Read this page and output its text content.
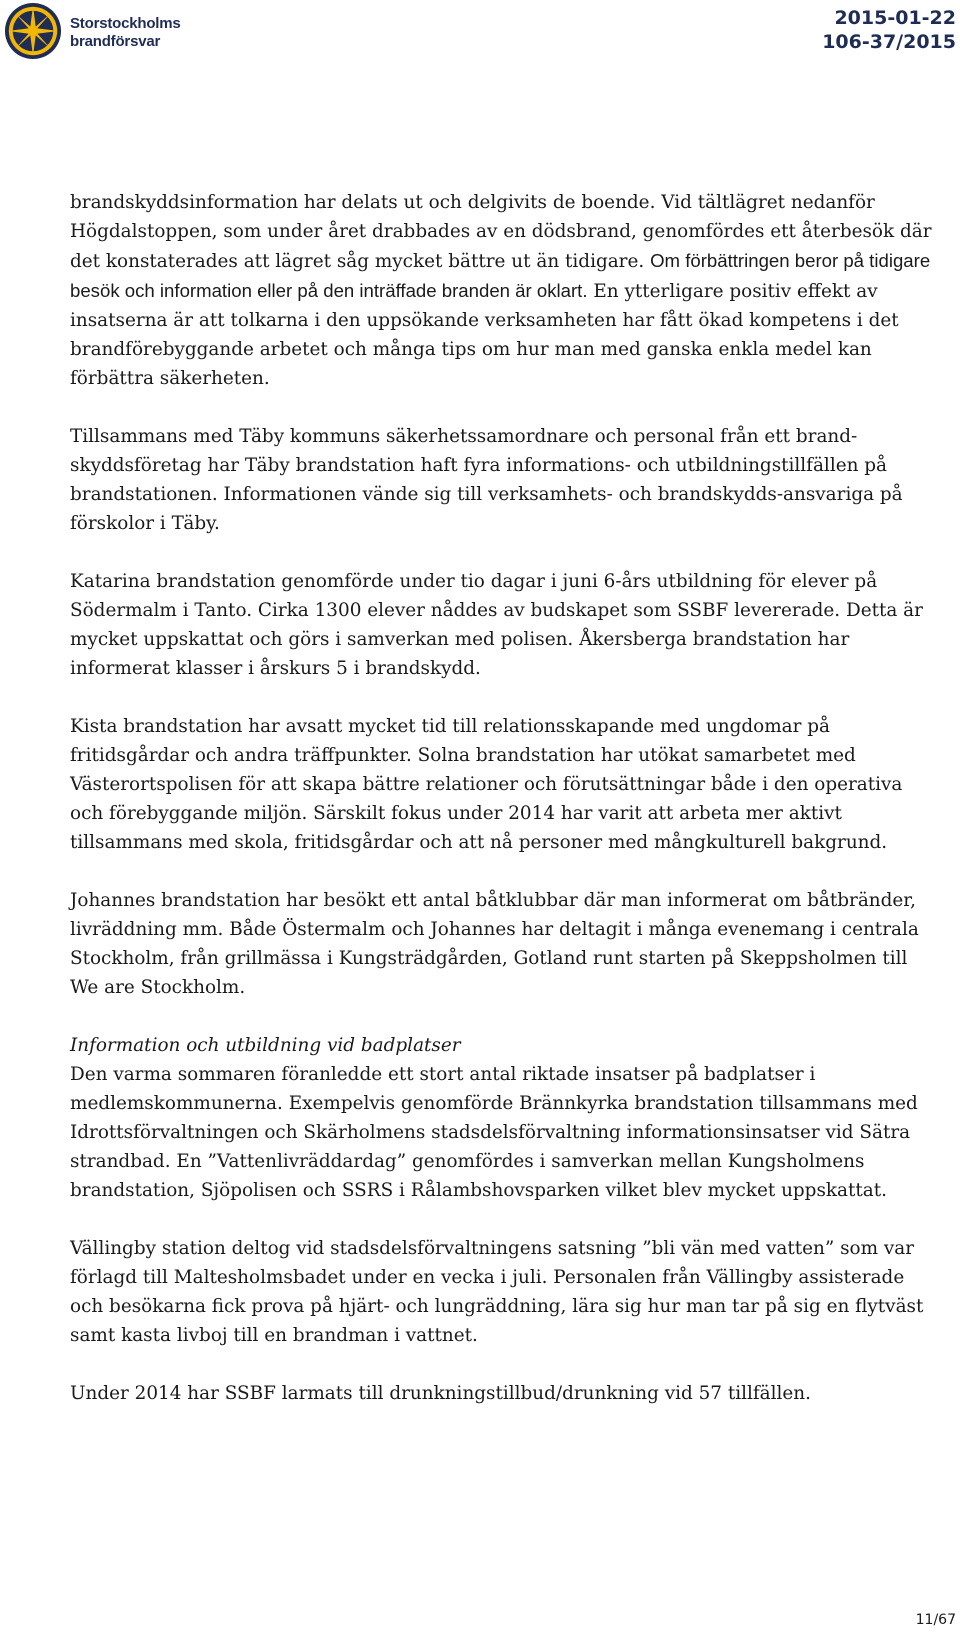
Storstockholms
brandförsvar
2015-01-22
106-37/2015

brandskyddsinformation har delats ut och delgivits de boende. Vid tältlägret nedanför Högdalstoppen, som under året drabbades av en dödsbrand, genomfördes ett återbesök där det konstaterades att lägret såg mycket bättre ut än tidigare. Om förbättringen beror på tidigare besök och information eller på den inträffade branden är oklart. En ytterligare positiv effekt av insatserna är att tolkarna i den uppsökande verksamheten har fått ökad kompetens i det brandförebyggande arbetet och många tips om hur man med ganska enkla medel kan förbättra säkerheten.

Tillsammans med Täby kommuns säkerhetssamordnare och personal från ett brand-skyddsföretag har Täby brandstation haft fyra informations- och utbildningstillfällen på brandstationen. Informationen vände sig till verksamhets- och brandskydds-ansvariga på förskolor i Täby.

Katarina brandstation genomförde under tio dagar i juni 6-års utbildning för elever på Södermalm i Tanto. Cirka 1300 elever nåddes av budskapet som SSBF levererade. Detta är mycket uppskattat och görs i samverkan med polisen. Åkersberga brandstation har informerat klasser i årskurs 5 i brandskydd.

Kista brandstation har avsatt mycket tid till relationsskapande med ungdomar på fritidsgårdar och andra träffpunkter. Solna brandstation har utökat samarbetet med Västerortspolisen för att skapa bättre relationer och förutsättningar både i den operativa och förebyggande miljön. Särskilt fokus under 2014 har varit att arbeta mer aktivt tillsammans med skola, fritidsgårdar och att nå personer med mångkulturell bakgrund.

Johannes brandstation har besökt ett antal båtklubbar där man informerat om båtbränder, livräddning mm. Både Östermalm och Johannes har deltagit i många evenemang i centrala Stockholm, från grillmässa i Kungsträdgården, Gotland runt starten på Skeppsholmen till We are Stockholm.

Information och utbildning vid badplatser

Den varma sommaren föranledde ett stort antal riktade insatser på badplatser i medlemskommunerna. Exempelvis genomförde Brännkyrka brandstation tillsammans med Idrottsförvaltningen och Skärholmens stadsdelsförvaltning informationsinsatser vid Sätra strandbad. En ”Vattenlivräddardag” genomfördes i samverkan mellan Kungsholmens brandstation, Sjöpolisen och SSRS i Rålambshovsparken vilket blev mycket uppskattat.

Vällingby station deltog vid stadsdelsförvaltningens satsning ”bli vän med vatten” som var förlagd till Maltesholmsbadet under en vecka i juli. Personalen från Vällingby assisterade och besökarna fick prova på hjärt- och lungräddning, lära sig hur man tar på sig en flytväst samt kasta livboj till en brandman i vattnet.

Under 2014 har SSBF larmats till drunkningstillbud/drunkning vid 57 tillfällen.

11/67
